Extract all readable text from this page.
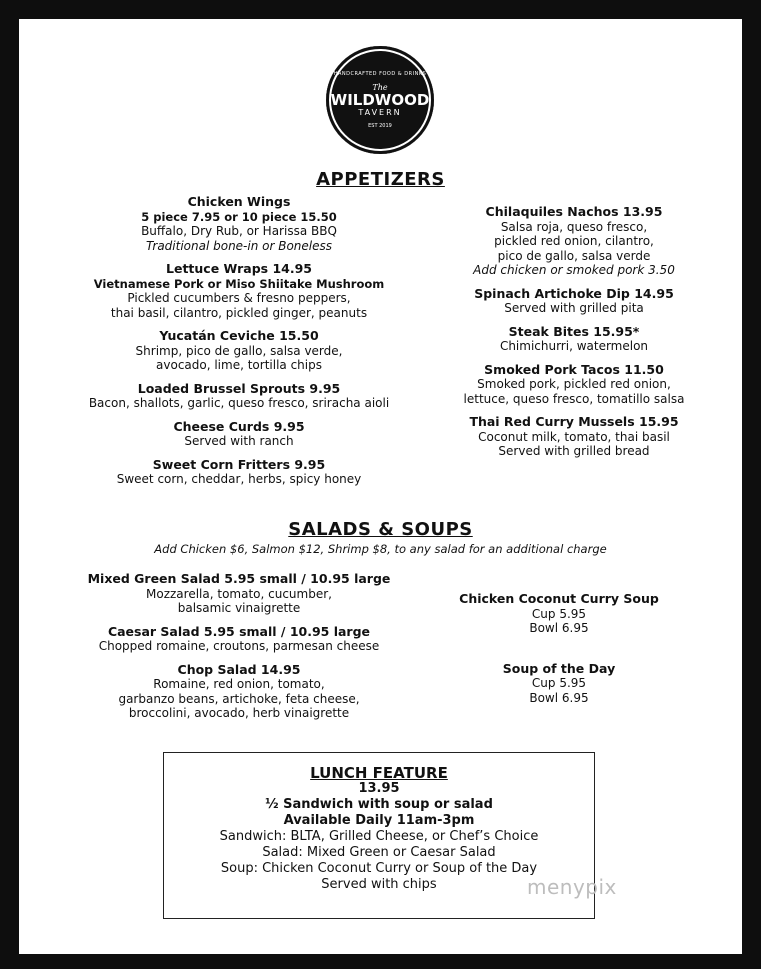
HANDCRAFTED FOOD & DRINKS
The
WILDWOOD
TAVERN
EST 2019
APPETIZERS
Chicken Wings
5 piece 7.95 or 10 piece 15.50
Buffalo, Dry Rub, or Harissa BBQ
Traditional bone-in or Boneless
Lettuce Wraps 14.95
Vietnamese Pork or Miso Shiitake Mushroom
Pickled cucumbers & fresno peppers,
thai basil, cilantro, pickled ginger, peanuts
Yucatán Ceviche 15.50
Shrimp, pico de gallo, salsa verde,
avocado, lime, tortilla chips
Loaded Brussel Sprouts 9.95
Bacon, shallots, garlic, queso fresco, sriracha aioli
Cheese Curds 9.95
Served with ranch
Sweet Corn Fritters 9.95
Sweet corn, cheddar, herbs, spicy honey
Chilaquiles Nachos 13.95
Salsa roja, queso fresco,
pickled red onion, cilantro,
pico de gallo, salsa verde
Add chicken or smoked pork 3.50
Spinach Artichoke Dip 14.95
Served with grilled pita
Steak Bites 15.95*
Chimichurri, watermelon
Smoked Pork Tacos 11.50
Smoked pork, pickled red onion,
lettuce, queso fresco, tomatillo salsa
Thai Red Curry Mussels 15.95
Coconut milk, tomato, thai basil
Served with grilled bread
SALADS & SOUPS
Add Chicken $6, Salmon $12, Shrimp $8, to any salad for an additional charge
Mixed Green Salad 5.95 small / 10.95 large
Mozzarella, tomato, cucumber,
balsamic vinaigrette
Caesar Salad 5.95 small / 10.95 large
Chopped romaine, croutons, parmesan cheese
Chop Salad 14.95
Romaine, red onion, tomato,
garbanzo beans, artichoke, feta cheese,
broccolini, avocado, herb vinaigrette
Chicken Coconut Curry Soup
Cup 5.95
Bowl 6.95
Soup of the Day
Cup 5.95
Bowl 6.95
LUNCH FEATURE
13.95
½ Sandwich with soup or salad
Available Daily 11am-3pm
Sandwich: BLTA, Grilled Cheese, or Chef’s Choice
Salad: Mixed Green or Caesar Salad
Soup: Chicken Coconut Curry or Soup of the Day
Served with chips	menypix
